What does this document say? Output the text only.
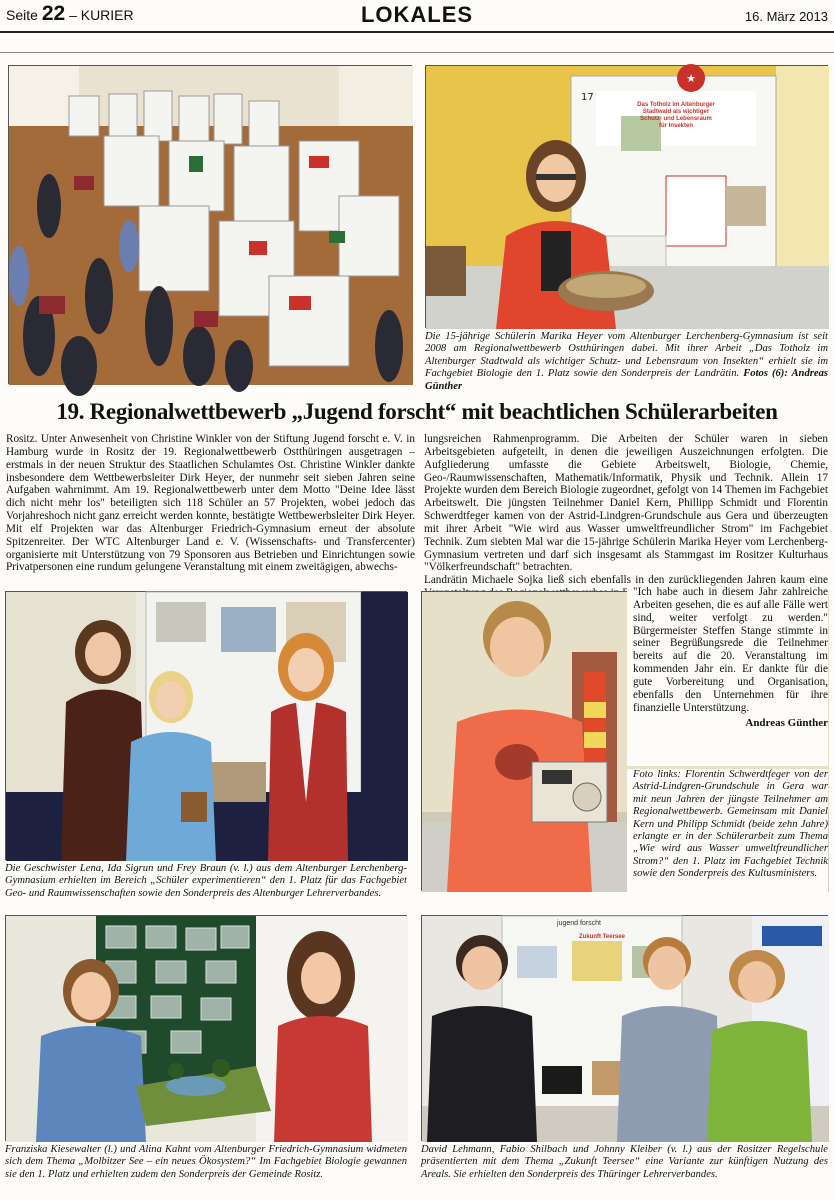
Seite 22 – KURIER	LOKALES	16. März 2013
★
17
Das Totholz im Altenburger Stadtwald als wichtiger Schutz- und Lebensraum für Insekten
Die 15-jährige Schülerin Marika Heyer vom Altenburger Lerchenberg-Gymnasium ist seit 2008 am Regionalwettbewerb Ostthüringen dabei. Mit ihrer Arbeit „Das Totholz im Altenburger Stadtwald als wichtiger Schutz- und Lebensraum von Insekten“ erhielt sie im Fachgebiet Biologie den 1. Platz sowie den Sonderpreis der Landrätin. Fotos (6): Andreas Günther
19. Regionalwettbewerb „Jugend forscht“ mit beachtlichen Schülerarbeiten

Rositz. Unter Anwesenheit von Christine Winkler von der Stiftung Jugend forscht e. V. in Hamburg wurde in Rositz der 19. Regionalwettbewerb Ostthüringen ausgetragen – erstmals in der neuen Struktur des Staatlichen Schulamtes Ost. Christine Winkler dankte insbesondere dem Wettbewerbsleiter Dirk Heyer, der nunmehr seit sieben Jahren seine Aufgaben wahrnimmt. Am 19. Regionalwettbewerb unter dem Motto "Deine Idee lässt dich nicht mehr los" beteiligten sich 118 Schüler an 57 Projekten, wobei jedoch das Vorjahreshoch nicht ganz erreicht werden konnte, bestätigte Wettbewerbsleiter Dirk Heyer. Mit elf Projekten war das Altenburger Friedrich-Gymnasium erneut der absolute Spitzenreiter. Der WTC Altenburger Land e. V. (Wissenschafts- und Transfercenter) organisierte mit Unterstützung von 79 Sponsoren aus Betrieben und Einrichtungen sowie Privatpersonen eine rundum gelungene Veranstaltung mit einem zweitägigen, abwechs-

lungsreichen Rahmenprogramm. Die Arbeiten der Schüler waren in sieben Arbeitsgebieten aufgeteilt, in denen die jeweiligen Auszeichnungen erfolgten. Die Aufgliederung umfasste die Gebiete Arbeitswelt, Biologie, Chemie, Geo-/Raumwissenschaften, Mathematik/Informatik, Physik und Technik. Allein 17 Projekte wurden dem Bereich Biologie zugeordnet, gefolgt von 14 Themen im Fachgebiet Arbeitswelt. Die jüngsten Teilnehmer Daniel Kern, Phillipp Schmidt und Florentin Schwerdtfeger kamen von der Astrid-Lindgren-Grundschule aus Gera und überzeugten mit ihrer Arbeit "Wie wird aus Wasser umweltfreundlicher Strom" im Fachgebiet Technik. Zum siebten Mal war die 15-jährige Schülerin Marika Heyer vom Lerchenberg-Gymnasium vertreten und darf sich insgesamt als Stammgast im Rositzer Kulturhaus "Völkerfreundschaft" betrachten.

Landrätin Michaele Sojka ließ sich ebenfalls in den zurückliegenden Jahren kaum eine

Die Geschwister Lena, Ida Sigrun und Frey Braun (v. l.) aus dem Altenburger Lerchenberg-Gymnasium erhielten im Bereich „Schüler experimentieren“ den 1. Platz für das Fachgebiet Geo- und Raumwissenschaften sowie den Sonderpreis des Altenburger Lehrerverbandes.

"Ich habe auch in diesem Jahr zahlreiche Arbeiten gesehen, die es auf alle Fälle wert sind, weiter verfolgt zu werden." Bürgermeister Steffen Stange stimmte in seiner Begrüßungsrede die Teilnehmer bereits auf die 20. Veranstaltung im kommenden Jahr ein. Er dankte für die gute Vorbereitung und Organisation, ebenfalls den Unternehmen für ihre finanzielle Unterstützung.

Andreas Günther
Foto links: Florentin Schwerdtfeger von der Astrid-Lindgren-Grundschule in Gera war mit neun Jahren der jüngste Teilnehmer am Regionalwettbewerb. Gemeinsam mit Daniel Kern und Philipp Schmidt (beide zehn Jahre) erlangte er in der Schülerarbeit zum Thema „Wie wird aus Wasser umweltfreundlicher Strom?“ den 1. Platz im Fachgebiet Technik sowie den Sonderpreis des Kultusministers.
Franziska Kiesewalter (l.) und Alina Kahnt vom Altenburger Friedrich-Gymnasium widmeten sich dem Thema „Molbitzer See – ein neues Ökosystem?“ Im Fachgebiet Biologie gewannen sie den 1. Platz und erhielten zudem den Sonderpreis der Gemeinde Rositz.
jugend forscht
Zukunft Teersee
David Lehmann, Fabio Shilbach und Johnny Kleiber (v. l.) aus der Rositzer Regelschule präsentierten mit dem Thema „Zukunft Teersee“ eine Variante zur künftigen Nutzung des Areals. Sie erhielten den Sonderpreis des Thüringer Lehrerverbandes.
